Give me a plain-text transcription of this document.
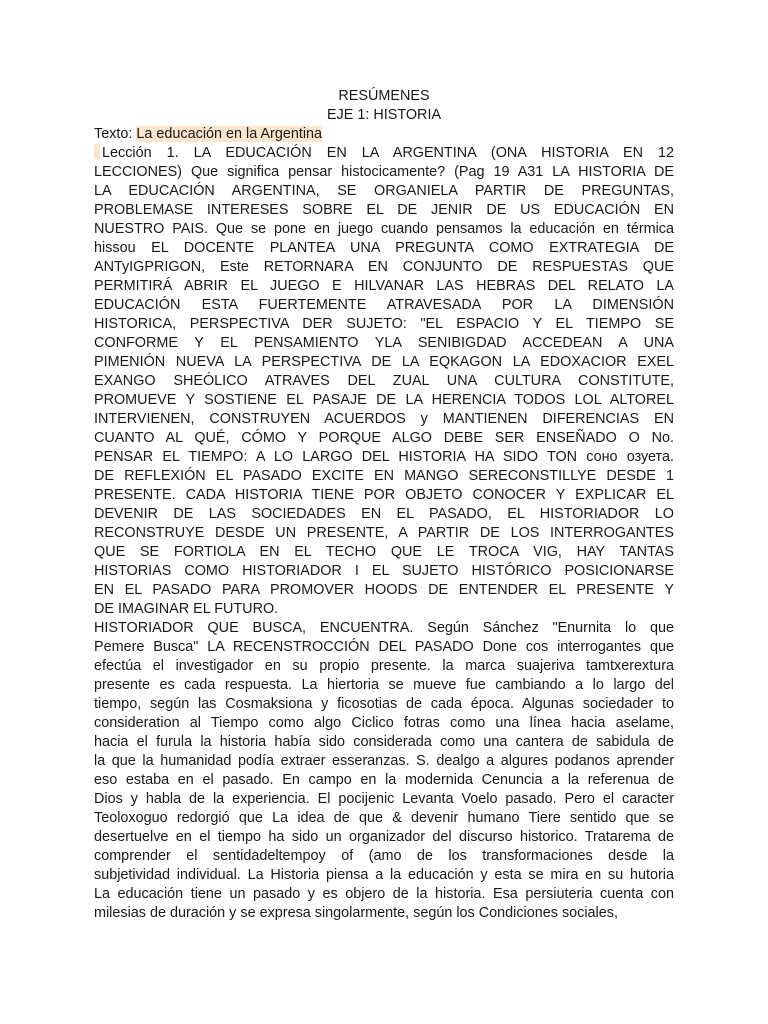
RESÚMENES

EJE 1: HISTORIA

Texto: La educación en la Argentina

Lección 1. LA EDUCACIÓN EN LA ARGENTINA (ONA HISTORIA EN 12
LECCIONES) Que significa pensar histocicamente? (Pag 19 A31 LA HISTORIA DE
LA EDUCACIÓN ARGENTINA, SE ORGANIELA PARTIR DE PREGUNTAS,
PROBLEMASE INTERESES SOBRE EL DE JENIR DE US EDUCACIÓN EN
NUESTRO PAIS. Que se pone en juego cuando pensamos la educación en térmica
hissou EL DOCENTE PLANTEA UNA PREGUNTA COMO EXTRATEGIA DE
ANTyIGPRIGON, Este RETORNARA EN CONJUNTO DE RESPUESTAS QUE
PERMITIRÁ ABRIR EL JUEGO E HILVANAR LAS HEBRAS DEL RELATO LA
EDUCACIÓN ESTA FUERTEMENTE ATRAVESADA POR LA DIMENSIÓN
HISTORICA, PERSPECTIVA DER SUJETO: "EL ESPACIO Y EL TIEMPO SE
CONFORME Y EL PENSAMIENTO YLA SENIBIGDAD ACCEDEAN A UNA
PIMENIÓN NUEVA LA PERSPECTIVA DE LA EQKAGON LA EDOXACIOR EXEL
EXANGO SHEÓLICO ATRAVES DEL ZUAL UNA CULTURA CONSTITUTE,
PROMUEVE Y SOSTIENE EL PASAJE DE LA HERENCIA TODOS LOL ALTOREL
INTERVIENEN, CONSTRUYEN ACUERDOS y MANTIENEN DIFERENCIAS EN
CUANTO AL QUÉ, CÓMO Y PORQUE ALGO DEBE SER ENSEÑADO O No.
PENSAR EL TIEMPO: A LO LARGO DEL HISTORIA HA SIDO TON соно озуета.
DE REFLEXIÓN EL PASADO EXCITE EN MANGO SERECONSTILLYE DESDE 1
PRESENTE. CADA HISTORIA TIENE POR OBJETO CONOCER Y EXPLICAR EL
DEVENIR DE LAS SOCIEDADES EN EL PASADO, EL HISTORIADOR LO
RECONSTRUYE DESDE UN PRESENTE, A PARTIR DE LOS INTERROGANTES
QUE SE FORTIOLA EN EL TECHO QUE LE TROCA VIG, HAY TANTAS
HISTORIAS COMO HISTORIADOR I EL SUJETO HISTÓRICO POSICIONARSE
EN EL PASADO PARA PROMOVER HOODS DE ENTENDER EL PRESENTE Y
DE IMAGINAR EL FUTURO.
HISTORIADOR QUE BUSCA, ENCUENTRA. Según Sánchez "Enurnita lo que
Pemere Busca" LA RECENSTROCCIÓN DEL PASADO Done cos interrogantes que
efectúa el investigador en su propio presente. la marca suajeriva tamtxerextura
presente es cada respuesta. La hiertoria se mueve fue cambiando a lo largo del
tiempo, según las Cosmaksiona y ficosotias de cada época. Algunas sociedader to
consideration al Tiempo como algo Ciclico fotras como una línea hacia aselame,
hacia el furula la historia había sido considerada como una cantera de sabidula de
la que la humanidad podía extraer esseranzas. S. dealgo a algures podanos aprender
eso estaba en el pasado. En campo en la modernida Cenuncia a la referenua de
Dios y habla de la experiencia. El pocijenic Levanta Voelo pasado. Pero el caracter
Teoloxoguo redorgió que La idea de que & devenir humano Tiere sentido que se
desertuelve en el tiempo ha sido un organizador del discurso historico. Tratarema de
comprender el sentidadeltempoy of (amo de los transformaciones desde la
subjetividad individual. La Historia piensa a la educación y esta se mira en su hutoria
La educación tiene un pasado y es objero de la historia. Esa persiuteria cuenta con
milesias de duración y se expresa singolarmente, según los Condiciones sociales,
